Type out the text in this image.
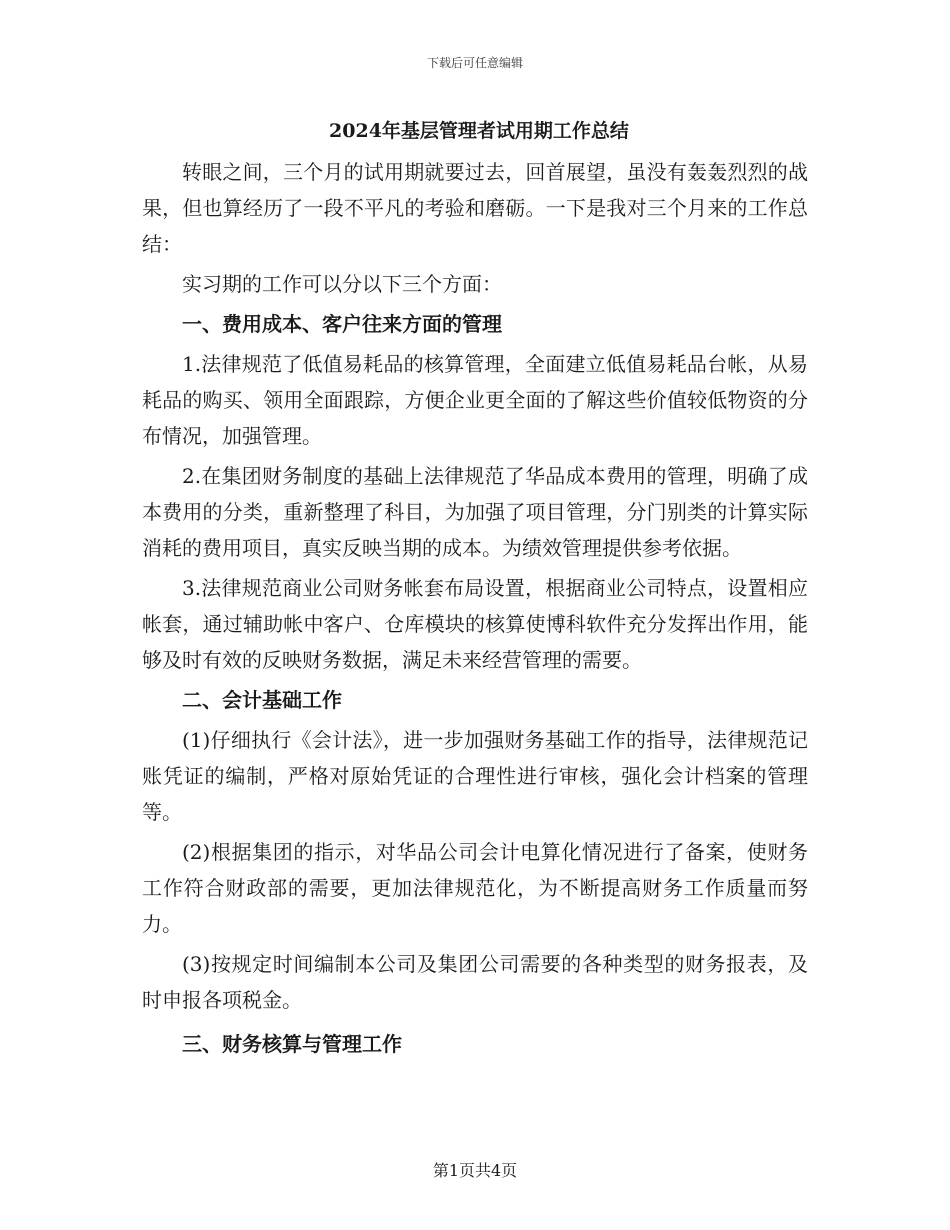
下载后可任意编辑
2024年基层管理者试用期工作总结

转眼之间，三个月的试用期就要过去，回首展望，虽没有轰轰烈烈的战果，但也算经历了一段不平凡的考验和磨砺。一下是我对三个月来的工作总结：

实习期的工作可以分以下三个方面：

一、费用成本、客户往来方面的管理

1.法律规范了低值易耗品的核算管理，全面建立低值易耗品台帐，从易耗品的购买、领用全面跟踪，方便企业更全面的了解这些价值较低物资的分布情况，加强管理。

2.在集团财务制度的基础上法律规范了华品成本费用的管理，明确了成本费用的分类，重新整理了科目，为加强了项目管理，分门别类的计算实际消耗的费用项目，真实反映当期的成本。为绩效管理提供参考依据。

3.法律规范商业公司财务帐套布局设置，根据商业公司特点，设置相应帐套，通过辅助帐中客户、仓库模块的核算使博科软件充分发挥出作用，能够及时有效的反映财务数据，满足未来经营管理的需要。

二、会计基础工作

(1)仔细执行《会计法》，进一步加强财务基础工作的指导，法律规范记账凭证的编制，严格对原始凭证的合理性进行审核，强化会计档案的管理等。

(2)根据集团的指示，对华品公司会计电算化情况进行了备案，使财务工作符合财政部的需要，更加法律规范化，为不断提高财务工作质量而努力。

(3)按规定时间编制本公司及集团公司需要的各种类型的财务报表，及时申报各项税金。

三、财务核算与管理工作

第1页共4页
